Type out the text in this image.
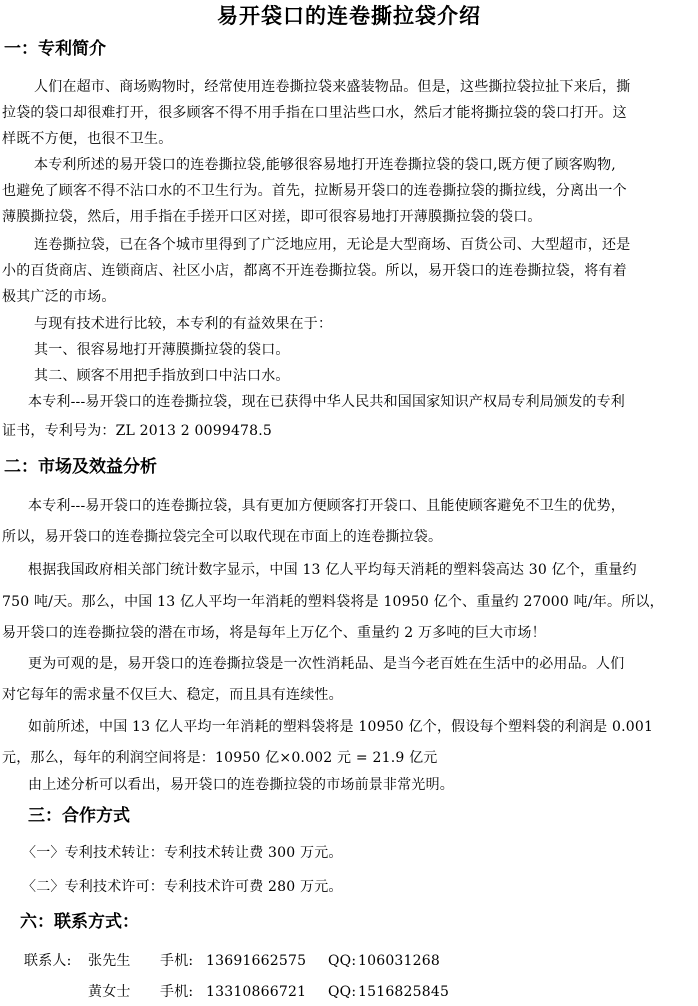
易开袋口的连卷撕拉袋介绍
一：专利简介
人们在超市、商场购物时，经常使用连卷撕拉袋来盛装物品。但是，这些撕拉袋拉扯下来后，撕
拉袋的袋口却很难打开，很多顾客不得不用手指在口里沾些口水，然后才能将撕拉袋的袋口打开。这
样既不方便，也很不卫生。
本专利所述的易开袋口的连卷撕拉袋,能够很容易地打开连卷撕拉袋的袋口,既方便了顾客购物,
也避免了顾客不得不沾口水的不卫生行为。首先，拉断易开袋口的连卷撕拉袋的撕拉线，分离出一个
薄膜撕拉袋，然后，用手指在手搓开口区对搓，即可很容易地打开薄膜撕拉袋的袋口。
连卷撕拉袋，已在各个城市里得到了广泛地应用，无论是大型商场、百货公司、大型超市，还是
小的百货商店、连锁商店、社区小店，都离不开连卷撕拉袋。所以，易开袋口的连卷撕拉袋，将有着
极其广泛的市场。
与现有技术进行比较，本专利的有益效果在于：
其一、很容易地打开薄膜撕拉袋的袋口。
其二、顾客不用把手指放到口中沾口水。
本专利---易开袋口的连卷撕拉袋，现在已获得中华人民共和国国家知识产权局专利局颁发的专利
证书，专利号为：ZL 2013 2 0099478.5
二：市场及效益分析
本专利---易开袋口的连卷撕拉袋，具有更加方便顾客打开袋口、且能使顾客避免不卫生的优势，
所以，易开袋口的连卷撕拉袋完全可以取代现在市面上的连卷撕拉袋。
根据我国政府相关部门统计数字显示，中国 13 亿人平均每天消耗的塑料袋高达 30 亿个，重量约
750 吨/天。那么，中国 13 亿人平均一年消耗的塑料袋将是 10950 亿个、重量约 27000 吨/年。所以，
易开袋口的连卷撕拉袋的潜在市场，将是每年上万亿个、重量约 2 万多吨的巨大市场！
更为可观的是，易开袋口的连卷撕拉袋是一次性消耗品、是当今老百姓在生活中的必用品。人们
对它每年的需求量不仅巨大、稳定，而且具有连续性。
如前所述，中国 13 亿人平均一年消耗的塑料袋将是 10950 亿个，假设每个塑料袋的利润是 0.001
元，那么，每年的利润空间将是：10950 亿×0.002 元 = 21.9 亿元
由上述分析可以看出，易开袋口的连卷撕拉袋的市场前景非常光明。
三：合作方式
〈一〉专利技术转让：专利技术转让费 300 万元。
〈二〉专利技术许可：专利技术许可费 280 万元。
六：联系方式：
联系人: 张先生 手机: 13691662575 QQ: 106031268
黄女士 手机: 13310866721 QQ: 1516825845
